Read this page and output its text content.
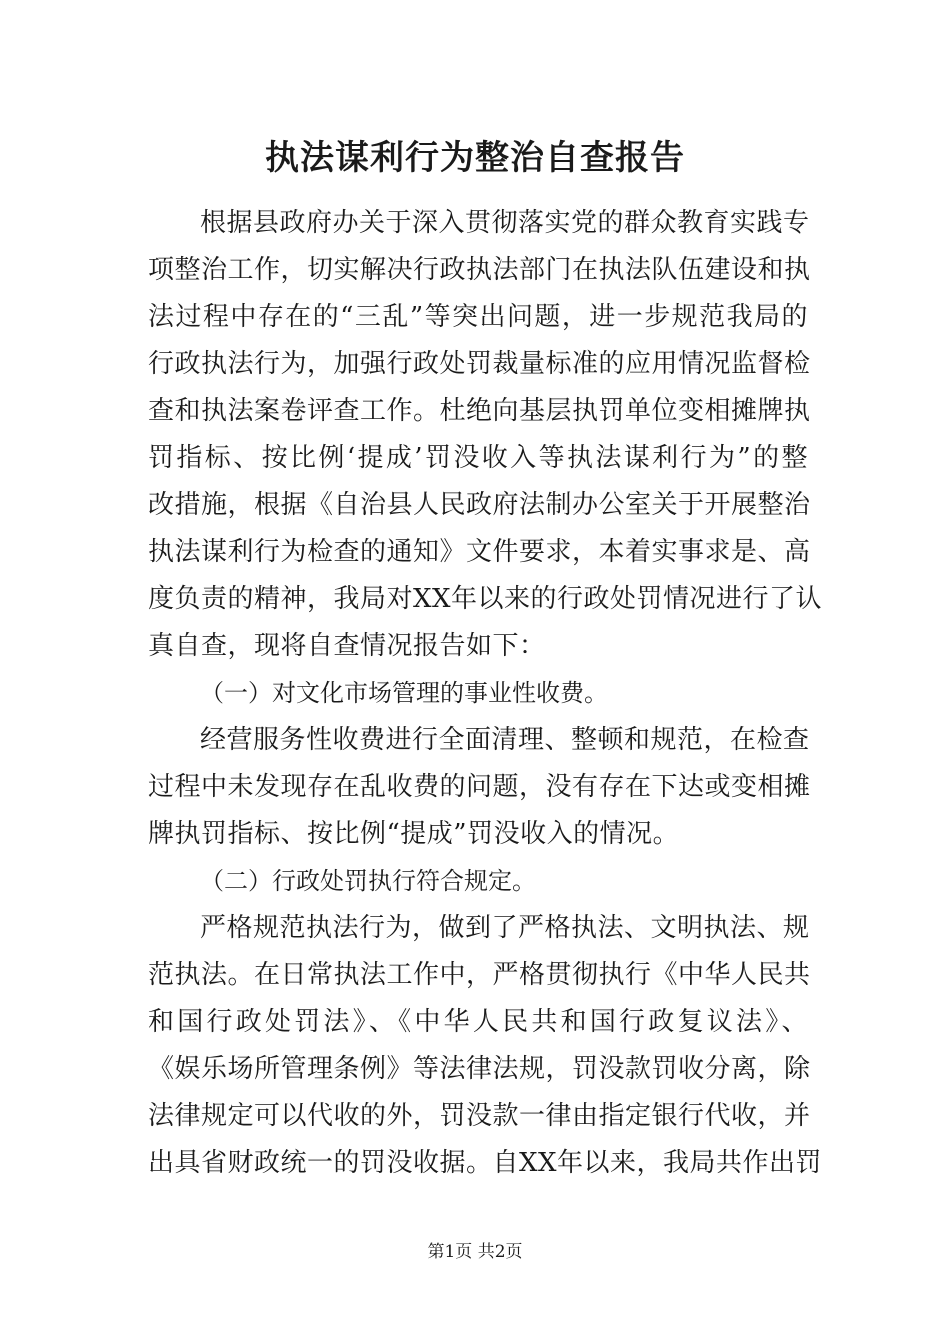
执法谋利行为整治自查报告
根据县政府办关于深入贯彻落实党的群众教育实践专
项整治工作，切实解决行政执法部门在执法队伍建设和执
法过程中存在的“三乱”等突出问题，进一步规范我局的
行政执法行为，加强行政处罚裁量标准的应用情况监督检
查和执法案卷评查工作。杜绝向基层执罚单位变相摊牌执
罚指标、按比例‘提成’罚没收入等执法谋利行为”的整
改措施，根据《自治县人民政府法制办公室关于开展整治
执法谋利行为检查的通知》文件要求，本着实事求是、高
度负责的精神，我局对XX年以来的行政处罚情况进行了认
真自查，现将自查情况报告如下：
（一）对文化市场管理的事业性收费。
经营服务性收费进行全面清理、整顿和规范，在检查
过程中未发现存在乱收费的问题，没有存在下达或变相摊
牌执罚指标、按比例“提成”罚没收入的情况。
（二）行政处罚执行符合规定。
严格规范执法行为，做到了严格执法、文明执法、规
范执法。在日常执法工作中，严格贯彻执行《中华人民共
和国行政处罚法》、《中华人民共和国行政复议法》、
《娱乐场所管理条例》等法律法规，罚没款罚收分离，除
法律规定可以代收的外，罚没款一律由指定银行代收，并
出具省财政统一的罚没收据。自XX年以来，我局共作出罚
第1页 共2页
